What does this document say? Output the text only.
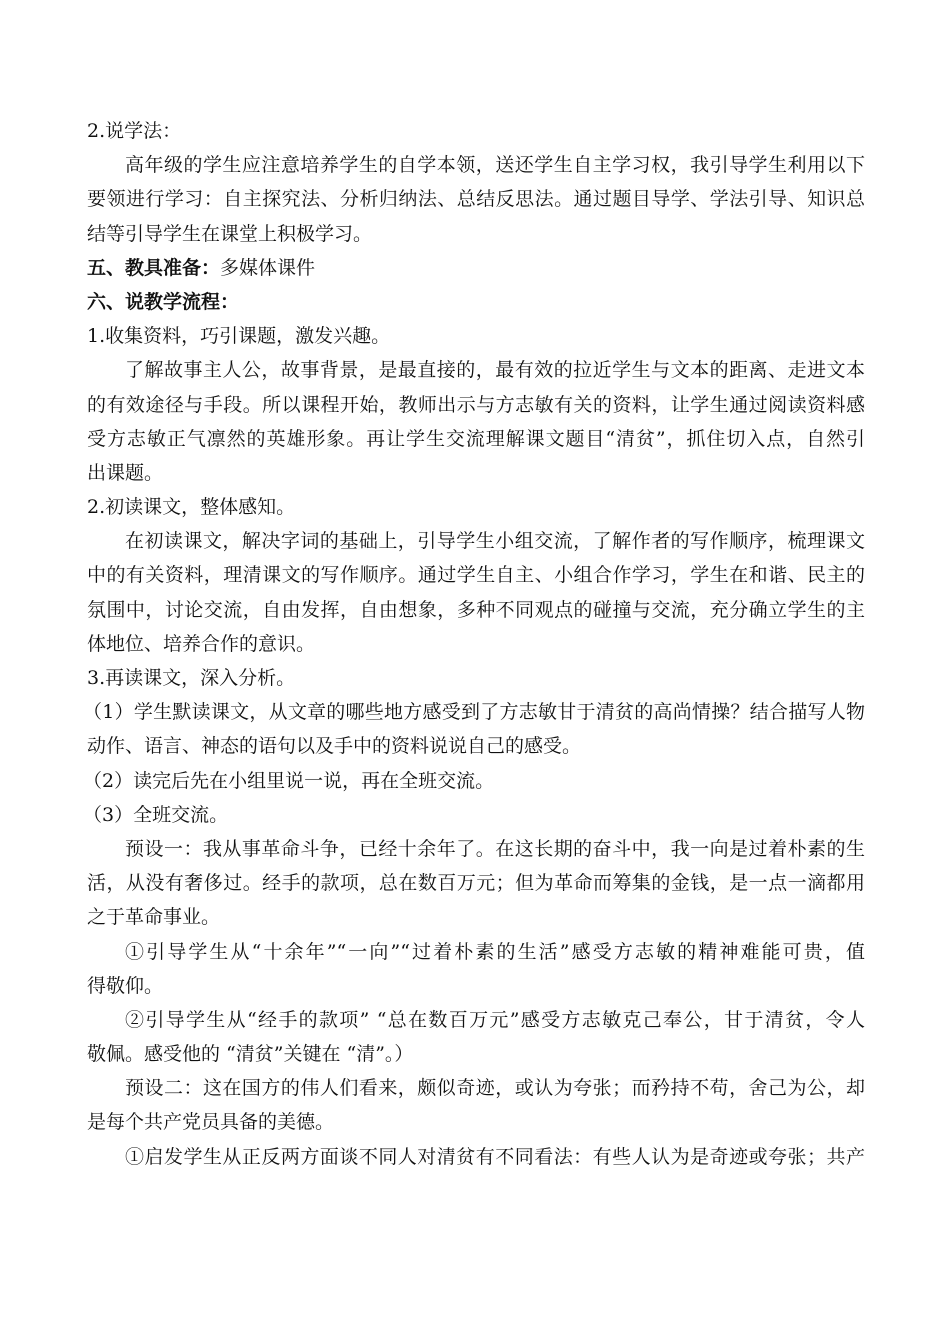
2.说学法：
高年级的学生应注意培养学生的自学本领，送还学生自主学习权，我引导学生利用以下
要领进行学习：自主探究法、分析归纳法、总结反思法。通过题目导学、学法引导、知识总
结等引导学生在课堂上积极学习。
五、教具准备：多媒体课件
六、说教学流程：
1.收集资料，巧引课题，激发兴趣。
了解故事主人公，故事背景，是最直接的，最有效的拉近学生与文本的距离、走进文本
的有效途径与手段。所以课程开始，教师出示与方志敏有关的资料，让学生通过阅读资料感
受方志敏正气凛然的英雄形象。再让学生交流理解课文题目“清贫”，抓住切入点，自然引
出课题。
2.初读课文，整体感知。
在初读课文，解决字词的基础上，引导学生小组交流，了解作者的写作顺序，梳理课文
中的有关资料，理清课文的写作顺序。通过学生自主、小组合作学习，学生在和谐、民主的
氛围中，讨论交流，自由发挥，自由想象，多种不同观点的碰撞与交流，充分确立学生的主
体地位、培养合作的意识。
3.再读课文，深入分析。
（1）学生默读课文，从文章的哪些地方感受到了方志敏甘于清贫的高尚情操？结合描写人物
动作、语言、神态的语句以及手中的资料说说自己的感受。
（2）读完后先在小组里说一说，再在全班交流。
（3）全班交流。
预设一：我从事革命斗争，已经十余年了。在这长期的奋斗中，我一向是过着朴素的生
活，从没有奢侈过。经手的款项，总在数百万元；但为革命而筹集的金钱，是一点一滴都用
之于革命事业。
①引导学生从“十余年”“一向”“过着朴素的生活”感受方志敏的精神难能可贵，值
得敬仰。
②引导学生从“经手的款项” “总在数百万元”感受方志敏克己奉公，甘于清贫，令人
敬佩。感受他的 “清贫”关键在 “清”。）
预设二：这在国方的伟人们看来，颇似奇迹，或认为夸张；而矜持不苟，舍己为公，却
是每个共产党员具备的美德。
①启发学生从正反两方面谈不同人对清贫有不同看法：有些人认为是奇迹或夸张；共产
